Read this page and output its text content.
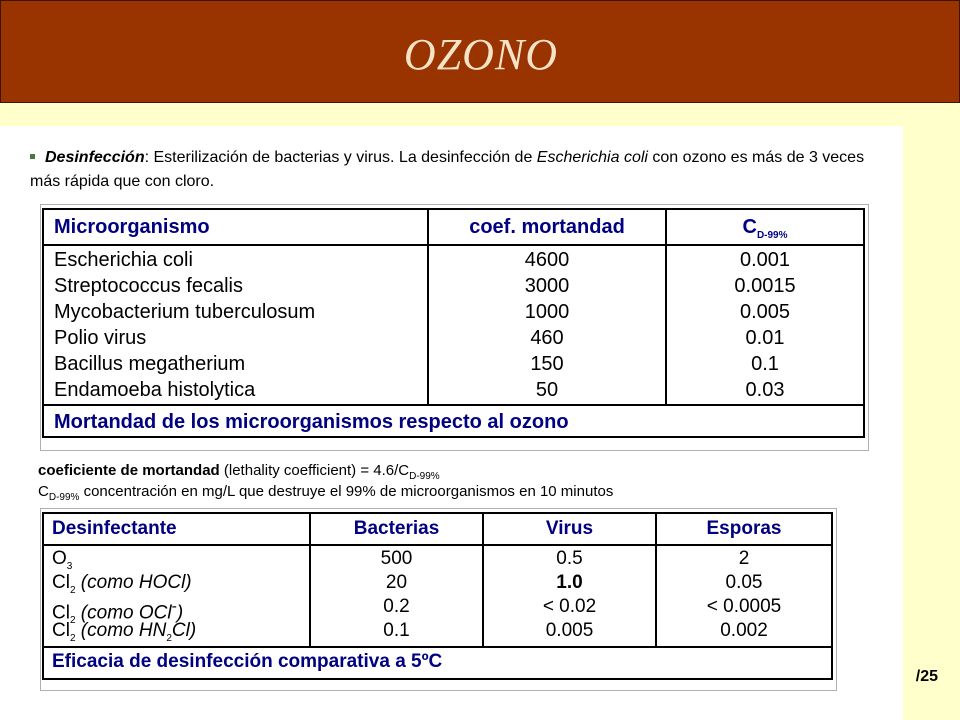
OZONO
Desinfección: Esterilización de bacterias y virus. La desinfección de Escherichia coli con ozono es más de 3 veces más rápida que con cloro.
Microorganismo	coef. mortandad	$C_{D-99\%}$
Escherichia coli	4600	0.001
Streptococcus fecalis	3000	0.0015
Mycobacterium tuberculosum	1000	0.005
Polio virus	460	0.01
Bacillus megatherium	150	0.1
Endamoeba histolytica	50	0.03
Mortandad de los microorganismos respecto al ozono
coeficiente de mortandad (lethality coefficient) = $4.6/C_{D-99\%}$
$C_{D-99\%}$ concentración en mg/L que destruye el 99% de microorganismos en 10 minutos
Desinfectante	Bacterias	Virus	Esporas
$O_3$	500	0.5	2
$Cl_2$ (como HOCl)	20	1.0	0.05
$Cl_2$ (como OCl-)	0.2	< 0.02	< 0.0005
$Cl_2$ (como $HN_2Cl$)	0.1	0.005	0.002
Eficacia de desinfección comparativa a 5ºC
/25
